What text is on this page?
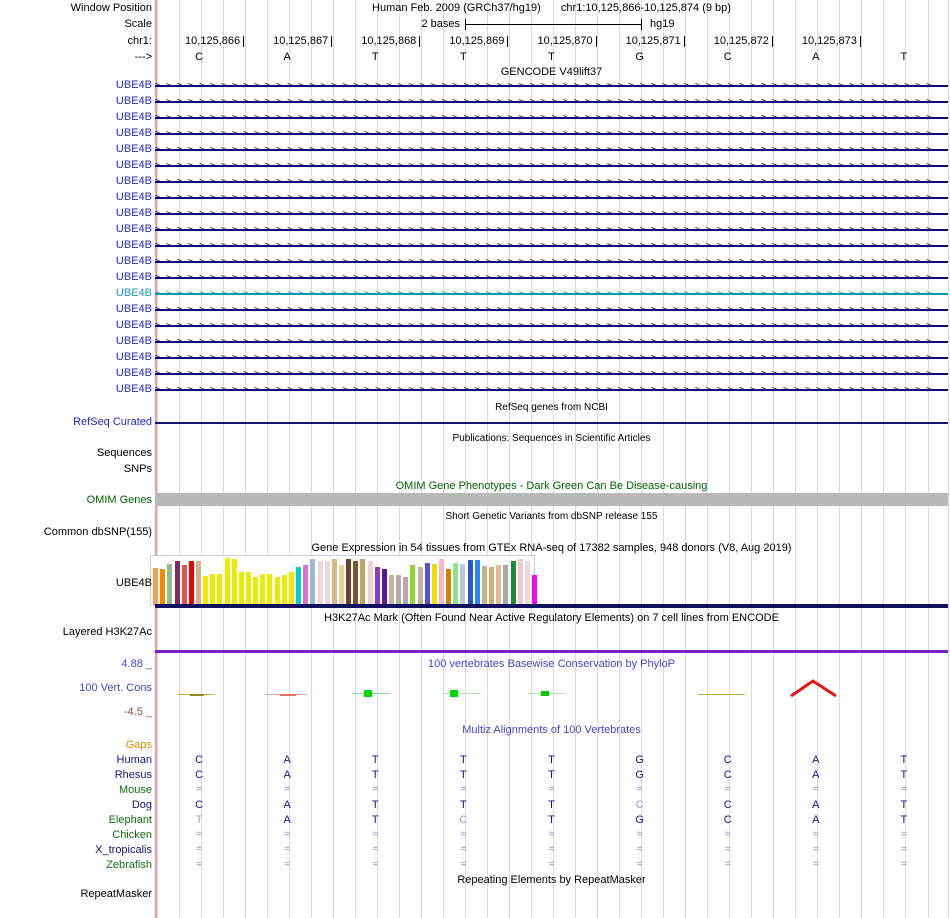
Window Position
Scale
chr1:
--->
Human Feb. 2009 (GRCh37/hg19) chr1:10,125,866-10,125,874 (9 bp)
2 bases	hg19
10,125,866	10,125,867	10,125,868	10,125,869	10,125,870	10,125,871	10,125,872	10,125,873
C	A	T	T	T	G	C	A	T
GENCODE V49lift37
UBE4B >>>>>>>>>>>>>>>>>>>>>>>>>>>>>>>>>>>>>>>>>>>>>>>>>>>>>>>>>>>>>>>>>>>>>>>
UBE4B >>>>>>>>>>>>>>>>>>>>>>>>>>>>>>>>>>>>>>>>>>>>>>>>>>>>>>>>>>>>>>>>>>>>>>>
UBE4B >>>>>>>>>>>>>>>>>>>>>>>>>>>>>>>>>>>>>>>>>>>>>>>>>>>>>>>>>>>>>>>>>>>>>>>
UBE4B >>>>>>>>>>>>>>>>>>>>>>>>>>>>>>>>>>>>>>>>>>>>>>>>>>>>>>>>>>>>>>>>>>>>>>>
UBE4B >>>>>>>>>>>>>>>>>>>>>>>>>>>>>>>>>>>>>>>>>>>>>>>>>>>>>>>>>>>>>>>>>>>>>>>
UBE4B >>>>>>>>>>>>>>>>>>>>>>>>>>>>>>>>>>>>>>>>>>>>>>>>>>>>>>>>>>>>>>>>>>>>>>>
UBE4B >>>>>>>>>>>>>>>>>>>>>>>>>>>>>>>>>>>>>>>>>>>>>>>>>>>>>>>>>>>>>>>>>>>>>>>
UBE4B >>>>>>>>>>>>>>>>>>>>>>>>>>>>>>>>>>>>>>>>>>>>>>>>>>>>>>>>>>>>>>>>>>>>>>>
UBE4B >>>>>>>>>>>>>>>>>>>>>>>>>>>>>>>>>>>>>>>>>>>>>>>>>>>>>>>>>>>>>>>>>>>>>>>
UBE4B >>>>>>>>>>>>>>>>>>>>>>>>>>>>>>>>>>>>>>>>>>>>>>>>>>>>>>>>>>>>>>>>>>>>>>>
UBE4B >>>>>>>>>>>>>>>>>>>>>>>>>>>>>>>>>>>>>>>>>>>>>>>>>>>>>>>>>>>>>>>>>>>>>>>
UBE4B >>>>>>>>>>>>>>>>>>>>>>>>>>>>>>>>>>>>>>>>>>>>>>>>>>>>>>>>>>>>>>>>>>>>>>>
UBE4B >>>>>>>>>>>>>>>>>>>>>>>>>>>>>>>>>>>>>>>>>>>>>>>>>>>>>>>>>>>>>>>>>>>>>>>
UBE4B >>>>>>>>>>>>>>>>>>>>>>>>>>>>>>>>>>>>>>>>>>>>>>>>>>>>>>>>>>>>>>>>>>>>>>>
UBE4B >>>>>>>>>>>>>>>>>>>>>>>>>>>>>>>>>>>>>>>>>>>>>>>>>>>>>>>>>>>>>>>>>>>>>>>
UBE4B >>>>>>>>>>>>>>>>>>>>>>>>>>>>>>>>>>>>>>>>>>>>>>>>>>>>>>>>>>>>>>>>>>>>>>>
UBE4B >>>>>>>>>>>>>>>>>>>>>>>>>>>>>>>>>>>>>>>>>>>>>>>>>>>>>>>>>>>>>>>>>>>>>>>
UBE4B >>>>>>>>>>>>>>>>>>>>>>>>>>>>>>>>>>>>>>>>>>>>>>>>>>>>>>>>>>>>>>>>>>>>>>>
UBE4B >>>>>>>>>>>>>>>>>>>>>>>>>>>>>>>>>>>>>>>>>>>>>>>>>>>>>>>>>>>>>>>>>>>>>>>
UBE4B >>>>>>>>>>>>>>>>>>>>>>>>>>>>>>>>>>>>>>>>>>>>>>>>>>>>>>>>>>>>>>>>>>>>>>>
RefSeq genes from NCBI
RefSeq Curated
Publications: Sequences in Scientific Articles
Sequences
SNPs
OMIM Gene Phenotypes - Dark Green Can Be Disease-causing
OMIM Genes
Short Genetic Variants from dbSNP release 155
Common dbSNP(155)
Gene Expression in 54 tissues from GTEx RNA-seq of 17382 samples, 948 donors (V8, Aug 2019)
UBE4B
H3K27Ac Mark (Often Found Near Active Regulatory Elements) on 7 cell lines from ENCODE
Layered H3K27Ac
4.88 _	100 vertebrates Basewise Conservation by PhyloP
100 Vert. Cons
-4.5 _
Multiz Alignments of 100 Vertebrates
Gaps
Human	C	A	T	T	T	G	C	A	T
Rhesus	C	A	T	T	T	G	C	A	T
Mouse	=	=	=	=	=	=	=	=	=
Dog	C	A	T	T	T	C	C	A	T
Elephant	T	A	T	C	T	G	C	A	T
Chicken	=	=	=	=	=	=	=	=	=
X_tropicalis	=	=	=	=	=	=	=	=	=
Zebrafish	=	=	=	=	=	=	=	=	=
Repeating Elements by RepeatMasker
RepeatMasker
